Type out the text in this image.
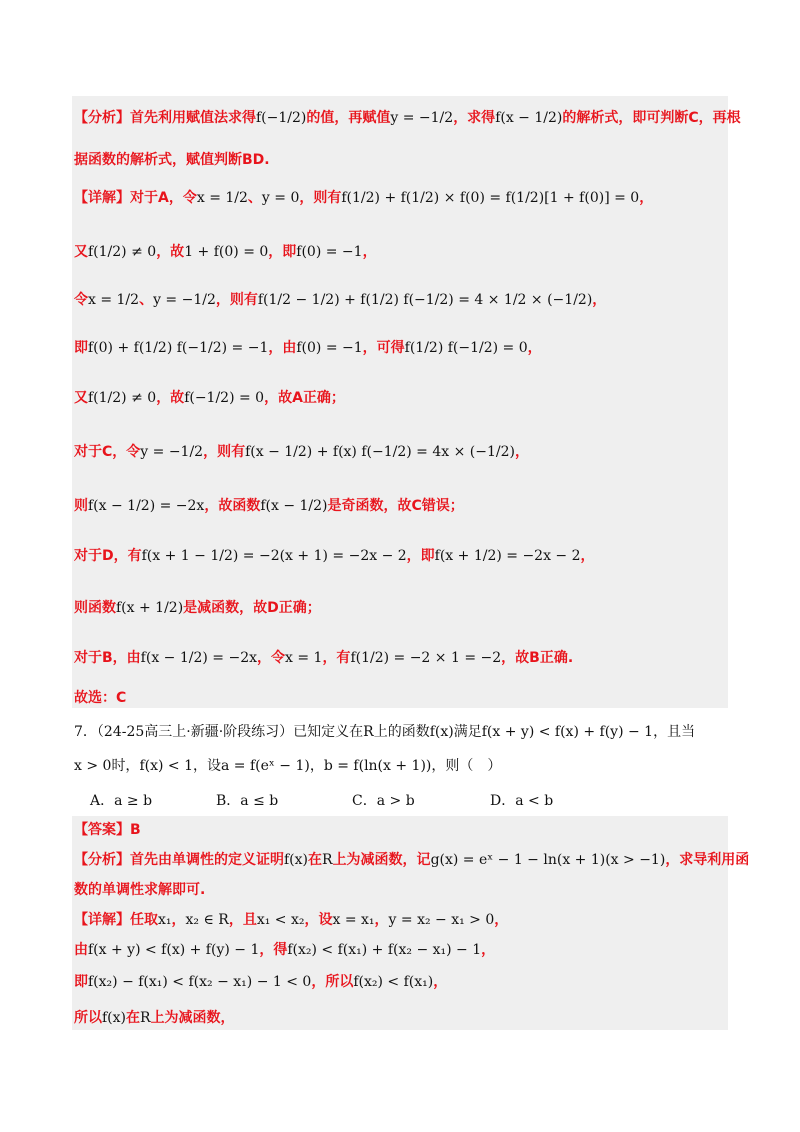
【分析】首先利用赋值法求得f(−1/2)的值，再赋值y = −1/2，求得f(x − 1/2)的解析式，即可判断C，再根
据函数的解析式，赋值判断BD.
【详解】对于A，令x = 1/2、y = 0，则有f(1/2) + f(1/2) × f(0) = f(1/2)[1 + f(0)] = 0，
又f(1/2) ≠ 0，故1 + f(0) = 0，即f(0) = −1，
令x = 1/2、y = −1/2，则有f(1/2 − 1/2) + f(1/2) f(−1/2) = 4 × 1/2 × (−1/2)，
即f(0) + f(1/2) f(−1/2) = −1，由f(0) = −1，可得f(1/2) f(−1/2) = 0，
又f(1/2) ≠ 0，故f(−1/2) = 0，故A正确；
对于C，令y = −1/2，则有f(x − 1/2) + f(x) f(−1/2) = 4x × (−1/2)，
则f(x − 1/2) = −2x，故函数f(x − 1/2)是奇函数，故C错误；
对于D，有f(x + 1 − 1/2) = −2(x + 1) = −2x − 2，即f(x + 1/2) = −2x − 2，
则函数f(x + 1/2)是减函数，故D正确；
对于B，由f(x − 1/2) = −2x，令x = 1，有f(1/2) = −2 × 1 = −2，故B正确.
故选：C
7．（24-25高三上·新疆·阶段练习）已知定义在R上的函数f(x)满足f(x + y) < f(x) + f(y) − 1，且当
x > 0时，f(x) < 1，设a = f(eˣ − 1)，b = f(ln(x + 1))，则（　）
A．a ≥ b	B．a ≤ b	C．a > b	D．a < b
【答案】B
【分析】首先由单调性的定义证明f(x)在R上为减函数，记g(x) = eˣ − 1 − ln(x + 1)(x > −1)，求导利用函
数的单调性求解即可.
【详解】任取x₁，x₂ ∈ R，且x₁ < x₂，设x = x₁，y = x₂ − x₁ > 0，
由f(x + y) < f(x) + f(y) − 1，得f(x₂) < f(x₁) + f(x₂ − x₁) − 1，
即f(x₂) − f(x₁) < f(x₂ − x₁) − 1 < 0，所以f(x₂) < f(x₁)，
所以f(x)在R上为减函数，
